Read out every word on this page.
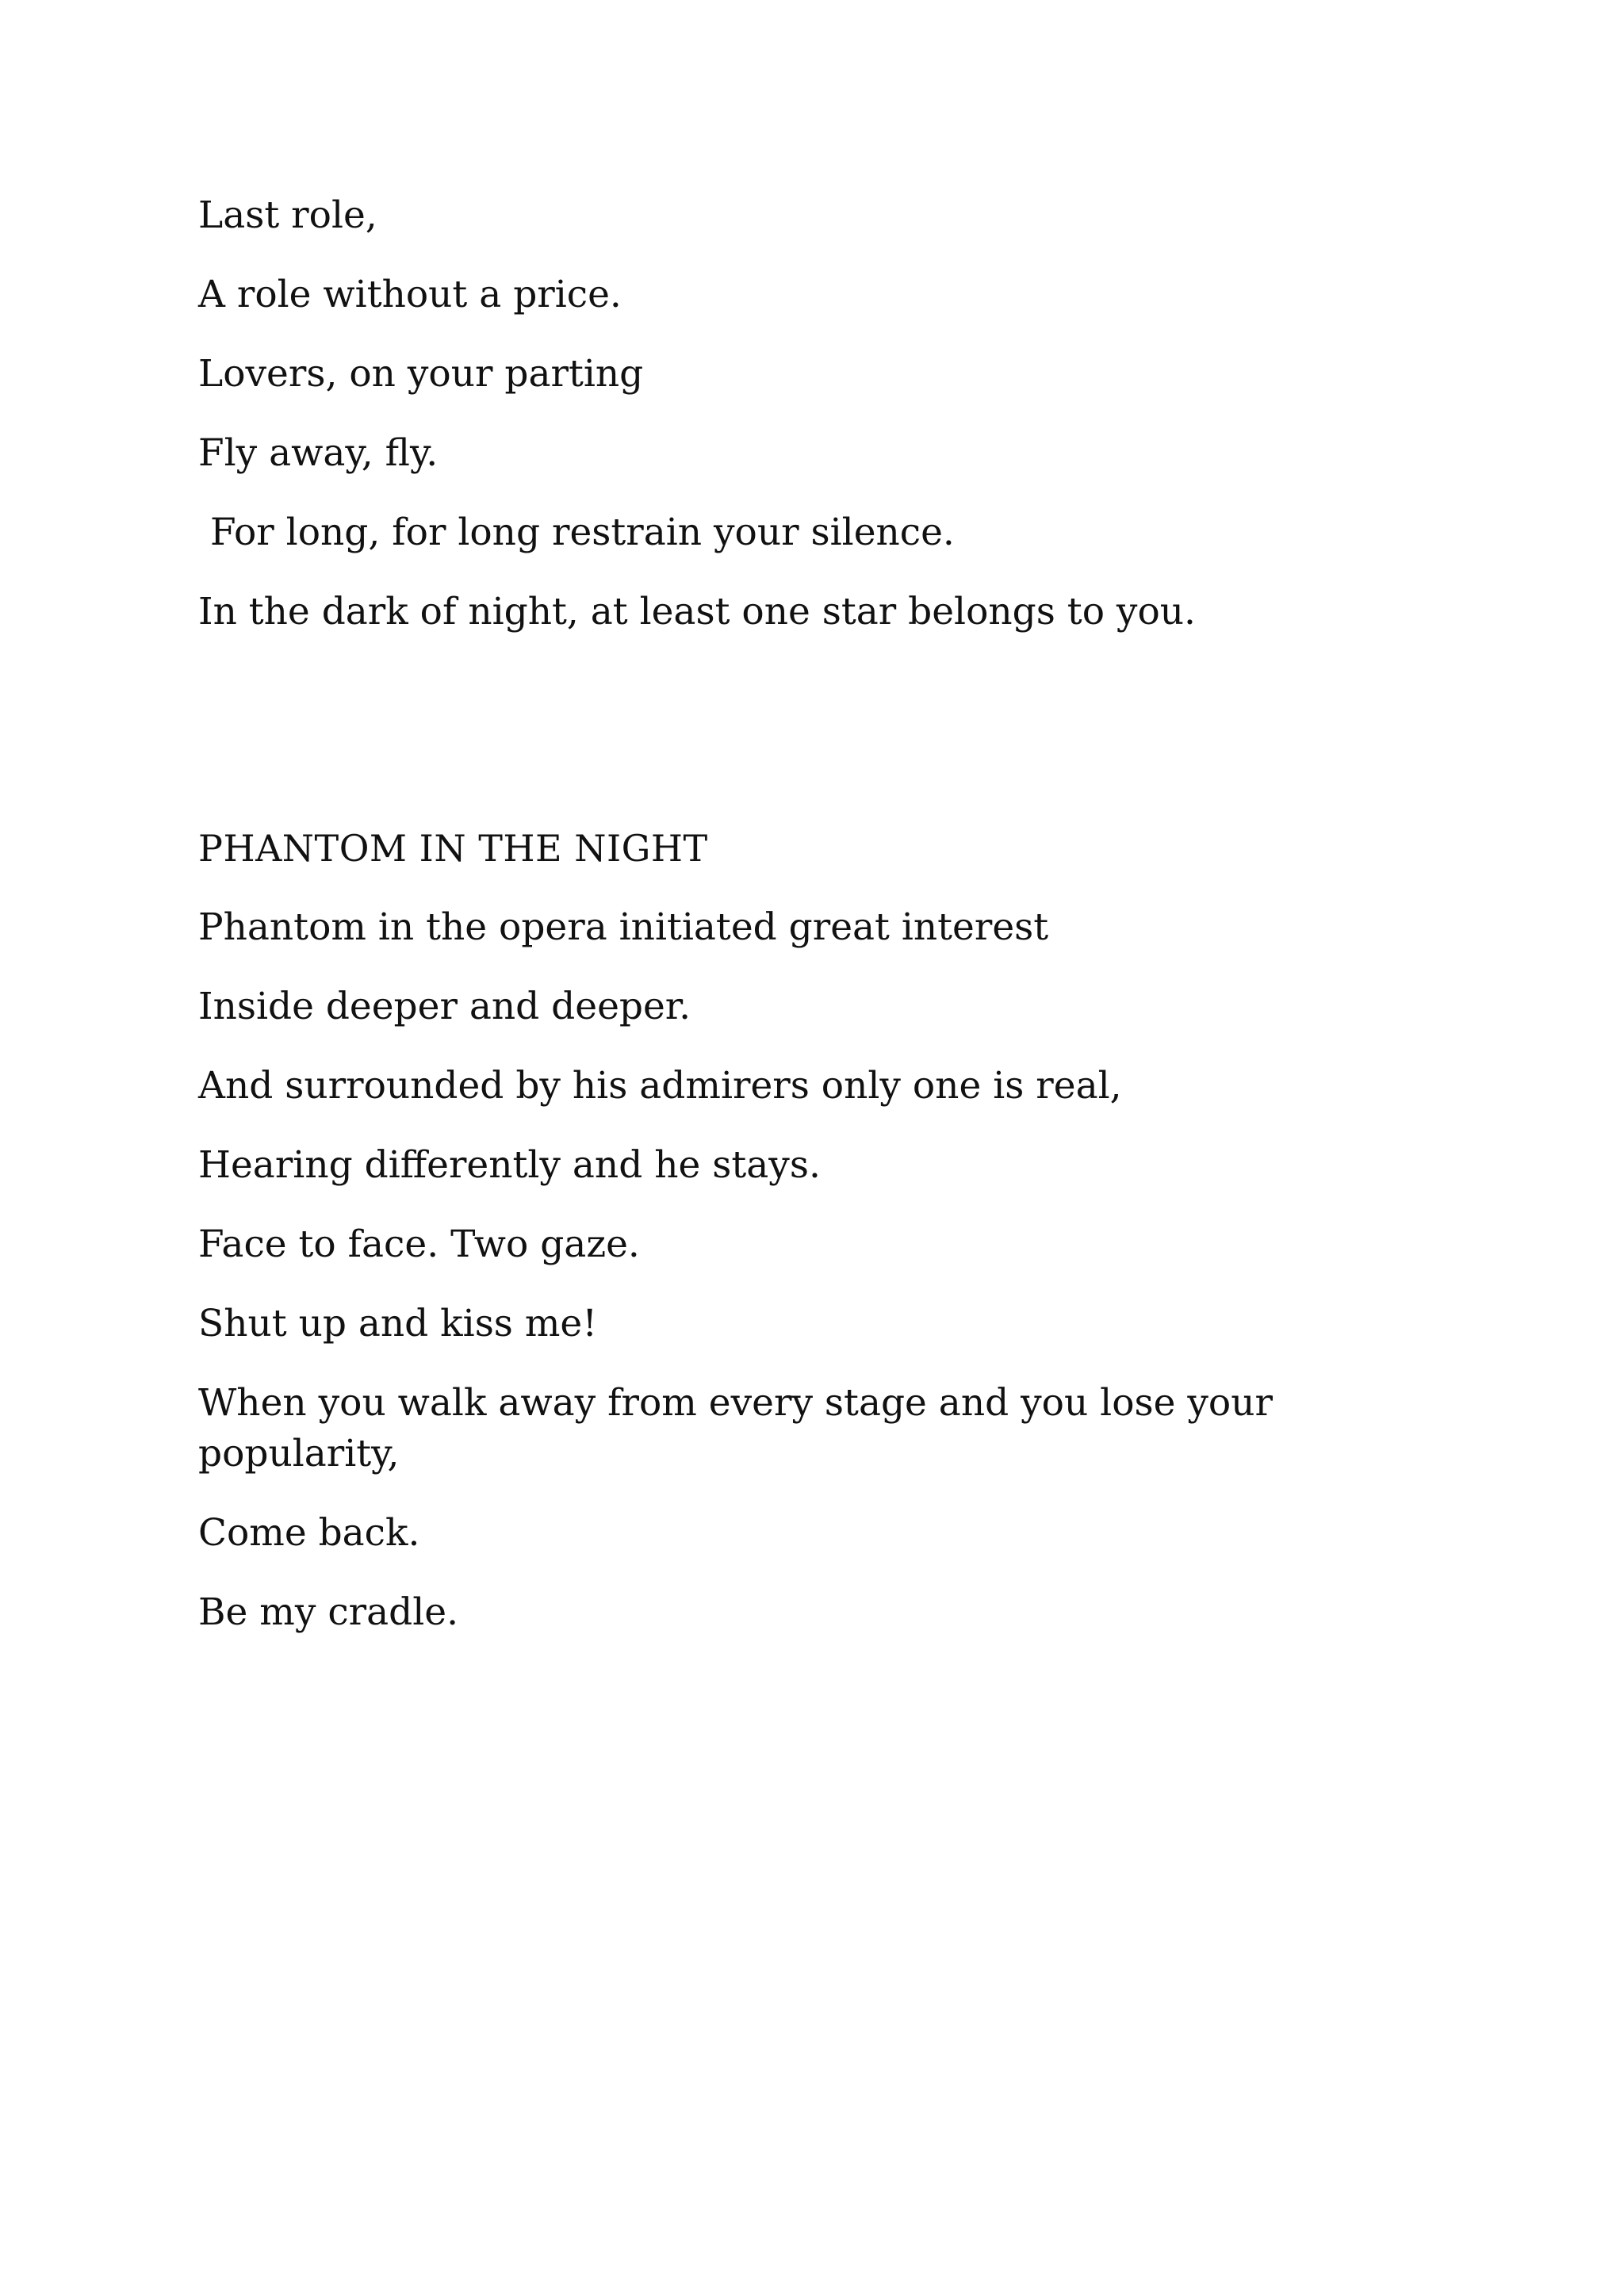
Last role,
A role without a price.
Lovers, on your parting
Fly away, fly.
For long, for long restrain your silence.
In the dark of night, at least one star belongs to you.
PHANTOM IN THE NIGHT
Phantom in the opera initiated great interest
Inside deeper and deeper.
And surrounded by his admirers only one is real,
Hearing differently and he stays.
Face to face. Two gaze.
Shut up and kiss me!
When you walk away from every stage and you lose your popularity,
Come back.
Be my cradle.
